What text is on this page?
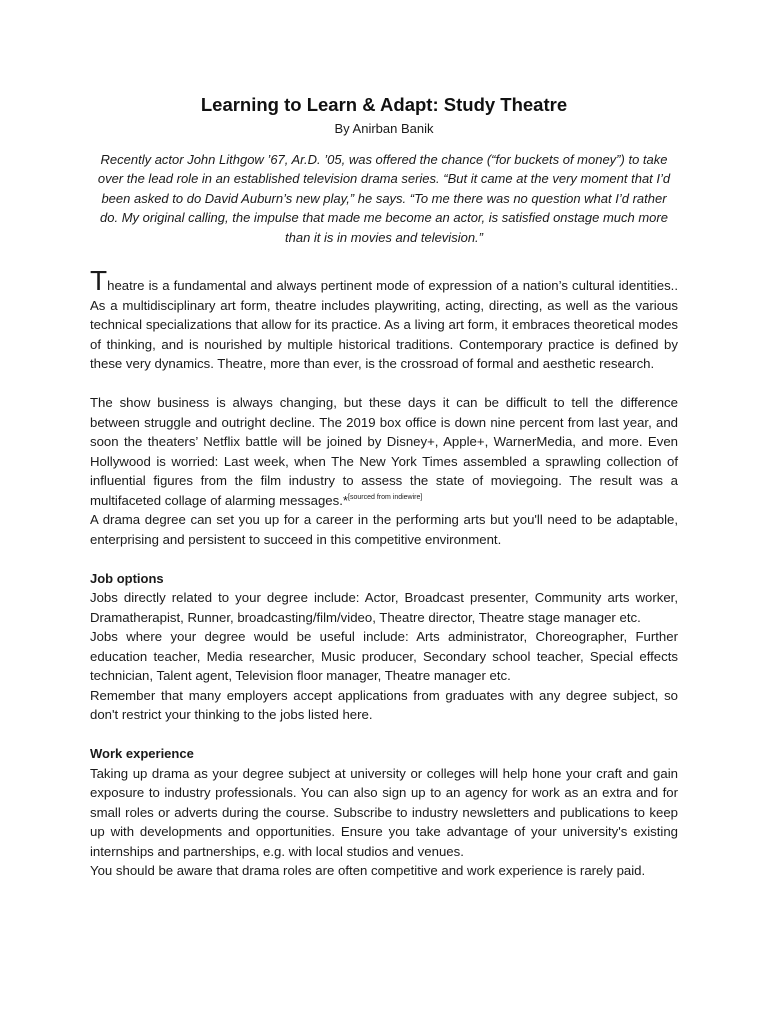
Learning to Learn & Adapt: Study Theatre
By Anirban Banik

Recently actor John Lithgow ’67, Ar.D. ’05, was offered the chance (“for buckets of money”) to take over the lead role in an established television drama series. “But it came at the very moment that I’d been asked to do David Auburn’s new play,” he says. “To me there was no question what I’d rather do. My original calling, the impulse that made me become an actor, is satisfied onstage much more than it is in movies and television.”

Theatre is a fundamental and always pertinent mode of expression of a nation’s cultural identities.. As a multidisciplinary art form, theatre includes playwriting, acting, directing, as well as the various technical specializations that allow for its practice. As a living art form, it embraces theoretical modes of thinking, and is nourished by multiple historical traditions. Contemporary practice is defined by these very dynamics. Theatre, more than ever, is the crossroad of formal and aesthetic research.

The show business is always changing, but these days it can be difficult to tell the difference between struggle and outright decline. The 2019 box office is down nine percent from last year, and soon the theaters’ Netflix battle will be joined by Disney+, Apple+, WarnerMedia, and more. Even Hollywood is worried: Last week, when The New York Times assembled a sprawling collection of influential figures from the film industry to assess the state of moviegoing. The result was a multifaceted collage of alarming messages.*[sourced from indiewire]

A drama degree can set you up for a career in the performing arts but you'll need to be adaptable, enterprising and persistent to succeed in this competitive environment.

Job options

Jobs directly related to your degree include: Actor, Broadcast presenter, Community arts worker, Dramatherapist, Runner, broadcasting/film/video, Theatre director, Theatre stage manager etc.

Jobs where your degree would be useful include: Arts administrator, Choreographer, Further education teacher, Media researcher, Music producer, Secondary school teacher, Special effects technician, Talent agent, Television floor manager, Theatre manager etc.

Remember that many employers accept applications from graduates with any degree subject, so don't restrict your thinking to the jobs listed here.

Work experience

Taking up drama as your degree subject at university or colleges will help hone your craft and gain exposure to industry professionals. You can also sign up to an agency for work as an extra and for small roles or adverts during the course. Subscribe to industry newsletters and publications to keep up with developments and opportunities. Ensure you take advantage of your university's existing internships and partnerships, e.g. with local studios and venues.

You should be aware that drama roles are often competitive and work experience is rarely paid.
